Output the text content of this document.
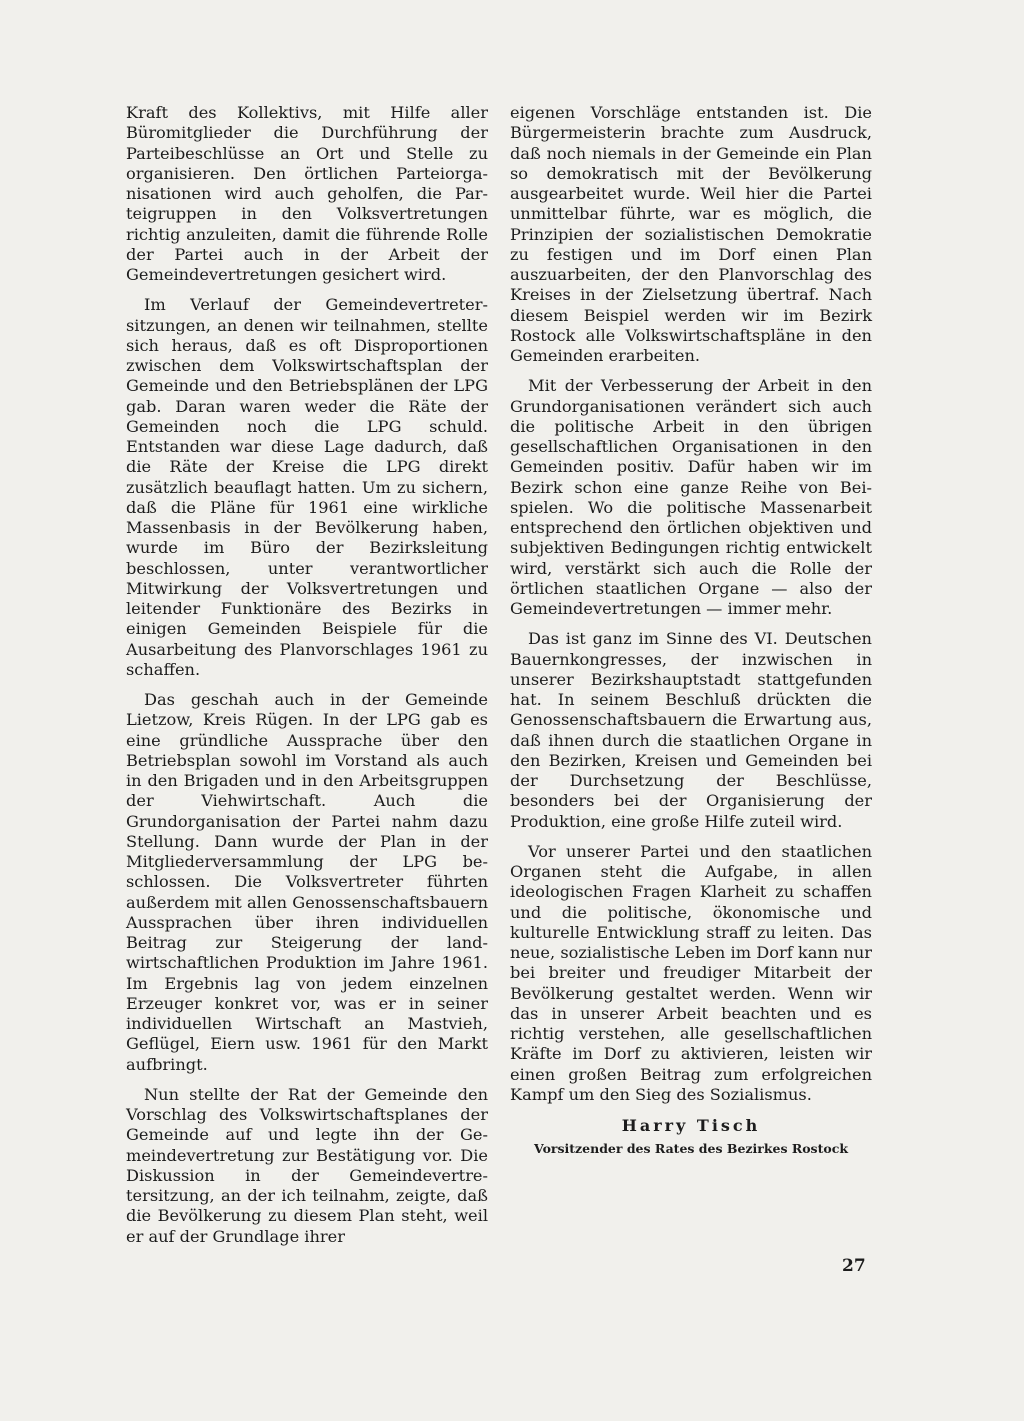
Kraft des Kollektivs, mit Hilfe aller Büromitglieder die Durchführung der Parteibeschlüsse an Ort und Stelle zu organisieren. Den örtlichen Parteiorganisationen wird auch geholfen, die Parteigruppen in den Volksvertretungen richtig anzuleiten, damit die führende Rolle der Partei auch in der Arbeit der Gemeindevertretungen gesichert wird.

Im Verlauf der Gemeindevertretersitzungen, an denen wir teilnahmen, stellte sich heraus, daß es oft Disproportionen zwischen dem Volkswirtschaftsplan der Gemeinde und den Betriebsplänen der LPG gab. Daran waren weder die Räte der Gemeinden noch die LPG schuld. Entstanden war diese Lage dadurch, daß die Räte der Kreise die LPG direkt zusätzlich beauflagt hatten. Um zu sichern, daß die Pläne für 1961 eine wirkliche Massenbasis in der Bevölkerung haben, wurde im Büro der Bezirksleitung beschlossen, unter verantwortlicher Mitwirkung der Volksvertretungen und leitender Funktionäre des Bezirks in einigen Gemeinden Beispiele für die Ausarbeitung des Planvorschlages 1961 zu schaffen.

Das geschah auch in der Gemeinde Lietzow, Kreis Rügen. In der LPG gab es eine gründliche Aussprache über den Betriebsplan sowohl im Vorstand als auch in den Brigaden und in den Arbeitsgruppen der Viehwirtschaft. Auch die Grundorganisation der Partei nahm dazu Stellung. Dann wurde der Plan in der Mitgliederversammlung der LPG beschlossen. Die Volksvertreter führten außerdem mit allen Genossenschaftsbauern Aussprachen über ihren individuellen Beitrag zur Steigerung der landwirtschaftlichen Produktion im Jahre 1961. Im Ergebnis lag von jedem einzelnen Erzeuger konkret vor, was er in seiner individuellen Wirtschaft an Mastvieh, Geflügel, Eiern usw. 1961 für den Markt aufbringt.

Nun stellte der Rat der Gemeinde den Vorschlag des Volkswirtschaftsplanes der Gemeinde auf und legte ihn der Gemeindevertretung zur Bestätigung vor. Die Diskussion in der Gemeindevertretersitzung, an der ich teilnahm, zeigte, daß die Bevölkerung zu diesem Plan steht, weil er auf der Grundlage ihrer

eigenen Vorschläge entstanden ist. Die Bürgermeisterin brachte zum Ausdruck, daß noch niemals in der Gemeinde ein Plan so demokratisch mit der Bevölkerung ausgearbeitet wurde. Weil hier die Partei unmittelbar führte, war es möglich, die Prinzipien der sozialistischen Demokratie zu festigen und im Dorf einen Plan auszuarbeiten, der den Planvorschlag des Kreises in der Zielsetzung übertraf. Nach diesem Beispiel werden wir im Bezirk Rostock alle Volkswirtschaftspläne in den Gemeinden erarbeiten.

Mit der Verbesserung der Arbeit in den Grundorganisationen verändert sich auch die politische Arbeit in den übrigen gesellschaftlichen Organisationen in den Gemeinden positiv. Dafür haben wir im Bezirk schon eine ganze Reihe von Beispielen. Wo die politische Massenarbeit entsprechend den örtlichen objektiven und subjektiven Bedingungen richtig entwickelt wird, verstärkt sich auch die Rolle der örtlichen staatlichen Organe — also der Gemeindevertretungen — immer mehr.

Das ist ganz im Sinne des VI. Deutschen Bauernkongresses, der inzwischen in unserer Bezirkshauptstadt stattgefunden hat. In seinem Beschluß drückten die Genossenschaftsbauern die Erwartung aus, daß ihnen durch die staatlichen Organe in den Bezirken, Kreisen und Gemeinden bei der Durchsetzung der Beschlüsse, besonders bei der Organisierung der Produktion, eine große Hilfe zuteil wird.

Vor unserer Partei und den staatlichen Organen steht die Aufgabe, in allen ideologischen Fragen Klarheit zu schaffen und die politische, ökonomische und kulturelle Entwicklung straff zu leiten. Das neue, sozialistische Leben im Dorf kann nur bei breiter und freudiger Mitarbeit der Bevölkerung gestaltet werden. Wenn wir das in unserer Arbeit beachten und es richtig verstehen, alle gesellschaftlichen Kräfte im Dorf zu aktivieren, leisten wir einen großen Beitrag zum erfolgreichen Kampf um den Sieg des Sozialismus.

Harry Tisch
Vorsitzender des Rates des Bezirkes Rostock
27
